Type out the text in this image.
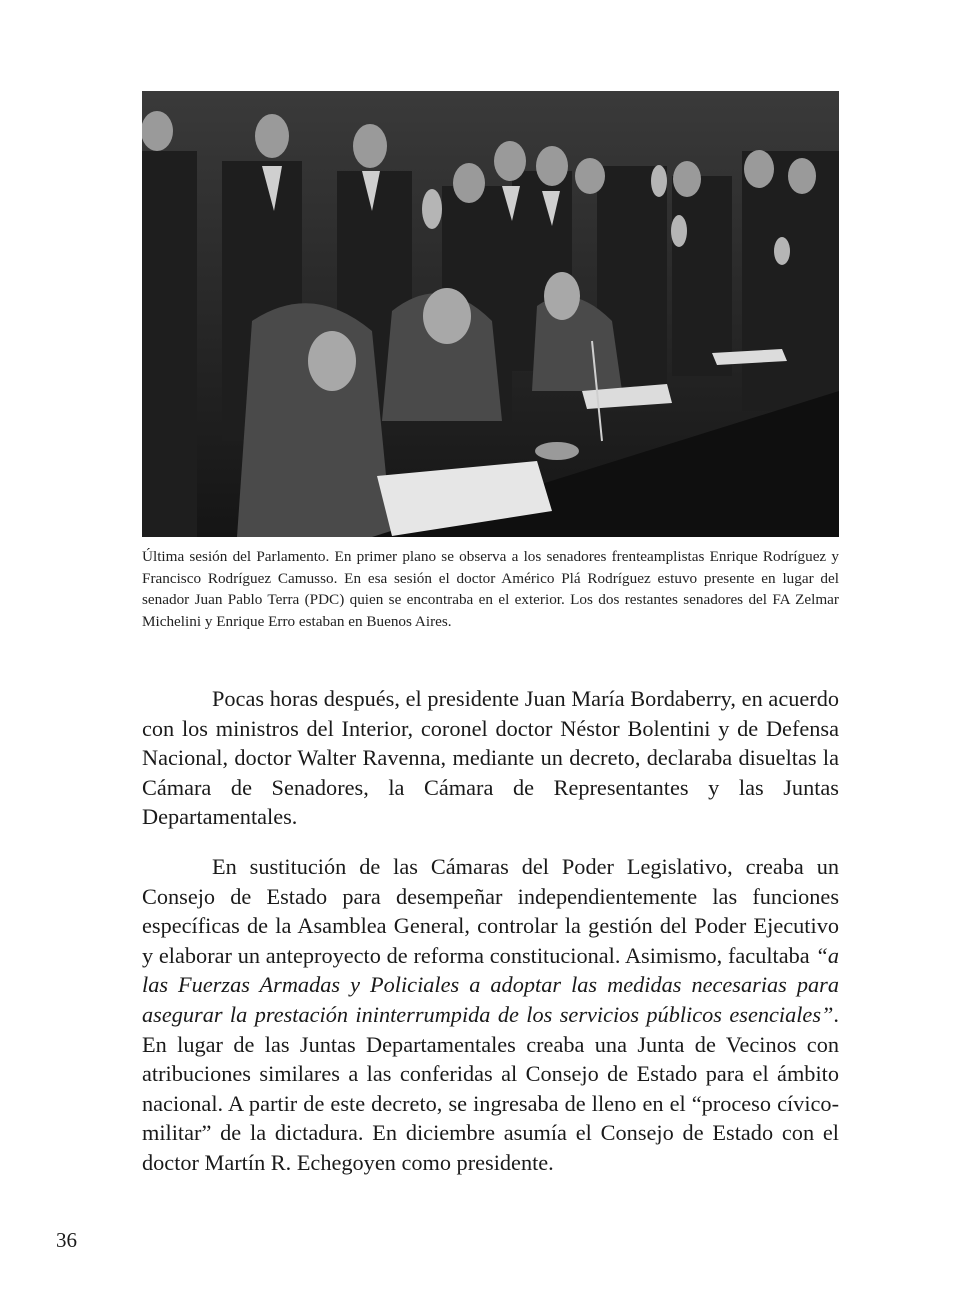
Última sesión del Parlamento. En primer plano se observa a los senadores frenteamplistas Enrique Rodríguez y Francisco Rodríguez Camusso. En esa sesión el doctor Américo Plá Rodríguez estuvo presente en lugar del senador Juan Pablo Terra (PDC) quien se encontraba en el exterior. Los dos restantes senadores del FA Zelmar Michelini y Enrique Erro estaban en Buenos Aires.

Pocas horas después, el presidente Juan María Bordaberry, en acuerdo con los ministros del Interior, coronel doctor Néstor Bolentini y de Defensa Nacional, doctor Walter Ravenna, mediante un decreto, declaraba disueltas la Cámara de Senadores, la Cámara de Representantes y las Juntas Departamentales.

En sustitución de las Cámaras del Poder Legislativo, creaba un Consejo de Estado para desempeñar independientemente las funciones específicas de la Asamblea General, controlar la gestión del Poder Ejecutivo y elaborar un anteproyecto de reforma constitucional. Asimismo, facultaba “a las Fuerzas Armadas y Policiales a adoptar las medidas necesarias para asegurar la prestación ininterrumpida de los servicios públicos esenciales”. En lugar de las Juntas Departamentales creaba una Junta de Vecinos con atribuciones similares a las conferidas al Consejo de Estado para el ámbito nacional. A partir de este decreto, se ingresaba de lleno en el “proceso cívico-militar” de la dictadura. En diciembre asumía el Consejo de Estado con el doctor Martín R. Echegoyen como presidente.

36
